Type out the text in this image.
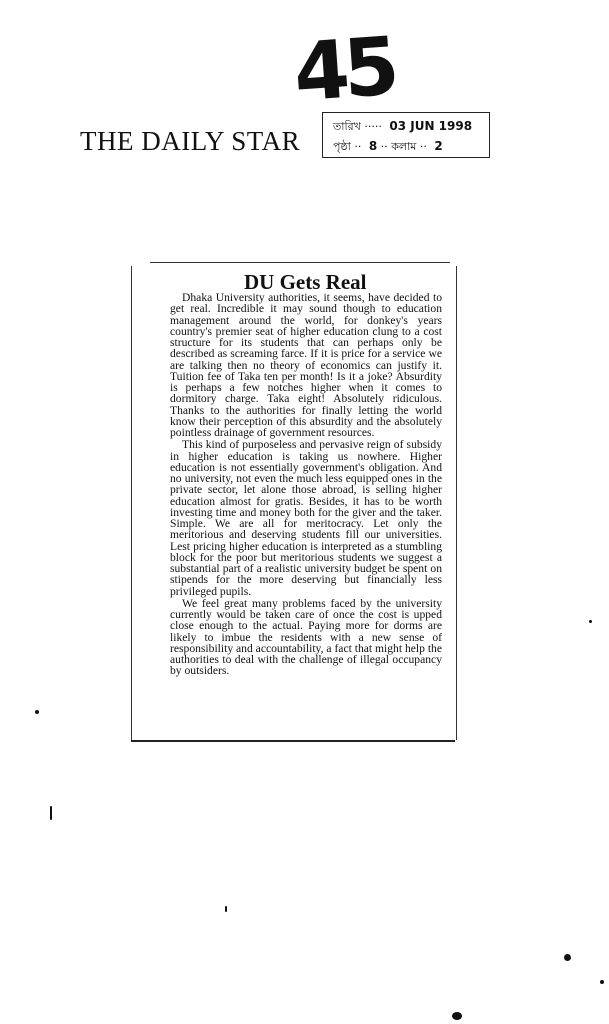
45
THE DAILY STAR	তারিখ ····· 03 JUN 1998
পৃষ্ঠা ·· 8 ·· কলাম ·· 2
DU Gets Real

Dhaka University authorities, it seems, have decided to get real. Incredible it may sound though to education management around the world, for donkey's years country's premier seat of higher education clung to a cost structure for its students that can perhaps only be described as screaming farce. If it is price for a service we are talking then no theory of economics can justify it. Tuition fee of Taka ten per month! Is it a joke? Absurdity is perhaps a few notches higher when it comes to dormitory charge. Taka eight! Absolutely ridiculous. Thanks to the authorities for finally letting the world know their perception of this absurdity and the absolutely pointless drainage of government resources.

This kind of purposeless and pervasive reign of subsidy in higher education is taking us nowhere. Higher education is not essentially government's obligation. And no university, not even the much less equipped ones in the private sector, let alone those abroad, is selling higher education almost for gratis. Besides, it has to be worth investing time and money both for the giver and the taker. Simple. We are all for meritocracy. Let only the meritorious and deserving students fill our universities. Lest pricing higher education is interpreted as a stumbling block for the poor but meritorious students we suggest a substantial part of a realistic university budget be spent on stipends for the more deserving but financially less privileged pupils.

We feel great many problems faced by the university currently would be taken care of once the cost is upped close enough to the actual. Paying more for dorms are likely to imbue the residents with a new sense of responsibility and accountability, a fact that might help the authorities to deal with the challenge of illegal occupancy by outsiders.
